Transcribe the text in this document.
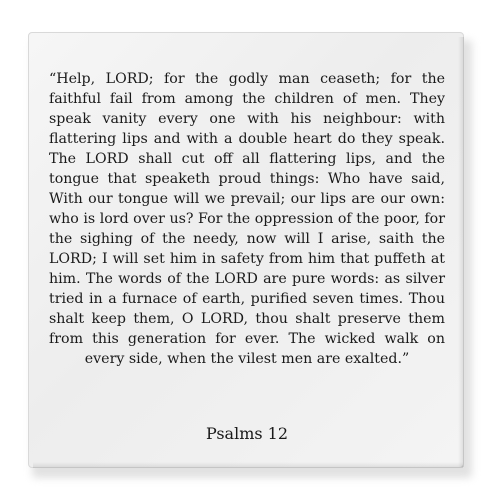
“Help, LORD; for the godly man ceaseth; for the faithful fail from among the children of men. They speak vanity every one with his neighbour: with flattering lips and with a double heart do they speak. The LORD shall cut off all flattering lips, and the tongue that speaketh proud things: Who have said, With our tongue will we prevail; our lips are our own: who is lord over us? For the oppression of the poor, for the sighing of the needy, now will I arise, saith the LORD; I will set him in safety from him that puffeth at him. The words of the LORD are pure words: as silver tried in a furnace of earth, purified seven times. Thou shalt keep them, O LORD, thou shalt preserve them from this generation for ever. The wicked walk on every side, when the vilest men are exalted.”

Psalms 12
